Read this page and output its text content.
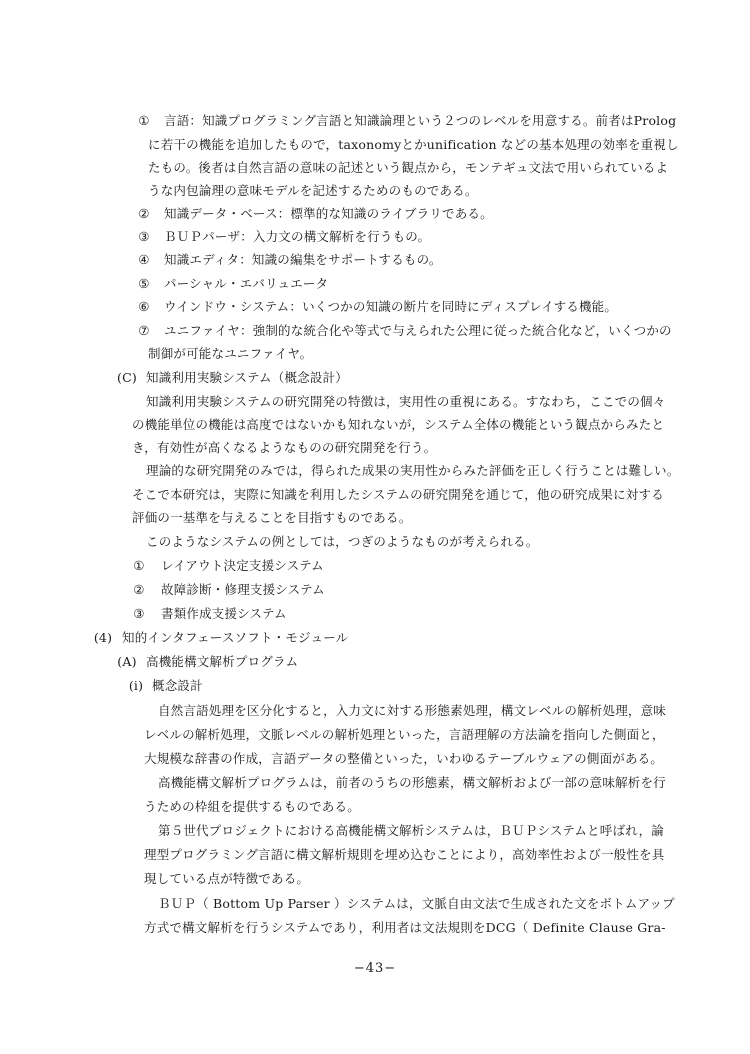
① 言語：知識プログラミング言語と知識論理という２つのレベルを用意する。前者はProlog
に若干の機能を追加したもので，taxonomyとかunification などの基本処理の効率を重視し
たもの。後者は自然言語の意味の記述という観点から，モンテギュ文法で用いられているよ
うな内包論理の意味モデルを記述するためのものである。
② 知識データ・ベース：標準的な知識のライブラリである。
③ ＢＵＰパーザ：入力文の構文解析を行うもの。
④ 知識エディタ：知識の編集をサポートするもの。
⑤ パーシャル・エバリュエータ
⑥ ウインドウ・システム：いくつかの知識の断片を同時にディスプレイする機能。
⑦ ユニファイヤ：強制的な統合化や等式で与えられた公理に従った統合化など，いくつかの
制御が可能なユニファイヤ。
(C) 知識利用実験システム（概念設計）
知識利用実験システムの研究開発の特徴は，実用性の重視にある。すなわち，ここでの個々
の機能単位の機能は高度ではないかも知れないが，システム全体の機能という観点からみたと
き，有効性が高くなるようなものの研究開発を行う。
理論的な研究開発のみでは，得られた成果の実用性からみた評価を正しく行うことは難しい。
そこで本研究は，実際に知識を利用したシステムの研究開発を通じて，他の研究成果に対する
評価の一基準を与えることを目指すものである。
このようなシステムの例としては，つぎのようなものが考えられる。
① レイアウト決定支援システム
② 故障診断・修理支援システム
③ 書類作成支援システム
(4) 知的インタフェースソフト・モジュール
(A) 高機能構文解析プログラム
(i) 概念設計
自然言語処理を区分化すると，入力文に対する形態素処理，構文レベルの解析処理，意味
レベルの解析処理，文脈レベルの解析処理といった，言語理解の方法論を指向した側面と，
大規模な辞書の作成，言語データの整備といった，いわゆるテーブルウェアの側面がある。
高機能構文解析プログラムは，前者のうちの形態素，構文解析および一部の意味解析を行
うための枠組を提供するものである。
第５世代プロジェクトにおける高機能構文解析システムは，ＢＵＰシステムと呼ばれ，論
理型プログラミング言語に構文解析規則を埋め込むことにより，高効率性および一般性を具
現している点が特徴である。
ＢＵＰ（ Bottom Up Parser ）システムは，文脈自由文法で生成された文をボトムアップ
方式で構文解析を行うシステムであり，利用者は文法規則をDCG（ Definite Clause Gra-
−43−
